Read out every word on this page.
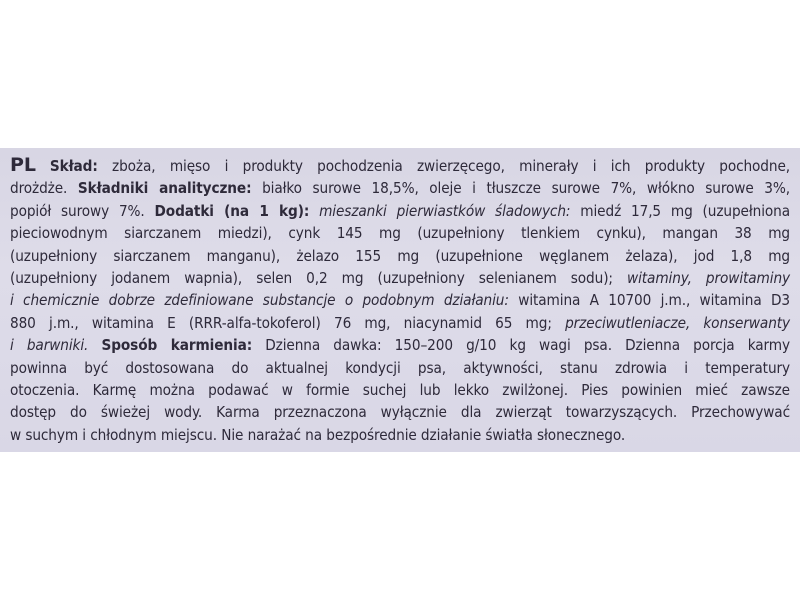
PL Skład: zboża, mięso i produkty pochodzenia zwierzęcego, minerały i ich produkty pochodne,
drożdże. Składniki analityczne: białko surowe 18,5%, oleje i tłuszcze surowe 7%, włókno surowe 3%,
popiół surowy 7%. Dodatki (na 1 kg): mieszanki pierwiastków śladowych: miedź 17,5 mg (uzupełniona
pieciowodnym siarczanem miedzi), cynk 145 mg (uzupełniony tlenkiem cynku), mangan 38 mg
(uzupełniony siarczanem manganu), żelazo 155 mg (uzupełnione węglanem żelaza), jod 1,8 mg
(uzupełniony jodanem wapnia), selen 0,2 mg (uzupełniony selenianem sodu); witaminy, prowitaminy
i chemicznie dobrze zdefiniowane substancje o podobnym działaniu: witamina A 10700 j.m., witamina D3
880 j.m., witamina E (RRR-alfa-tokoferol) 76 mg, niacynamid 65 mg; przeciwutleniacze, konserwanty
i barwniki. Sposób karmienia: Dzienna dawka: 150–200 g/10 kg wagi psa. Dzienna porcja karmy
powinna być dostosowana do aktualnej kondycji psa, aktywności, stanu zdrowia i temperatury
otoczenia. Karmę można podawać w formie suchej lub lekko zwilżonej. Pies powinien mieć zawsze
dostęp do świeżej wody. Karma przeznaczona wyłącznie dla zwierząt towarzyszących. Przechowywać
w suchym i chłodnym miejscu. Nie narażać na bezpośrednie działanie światła słonecznego.
